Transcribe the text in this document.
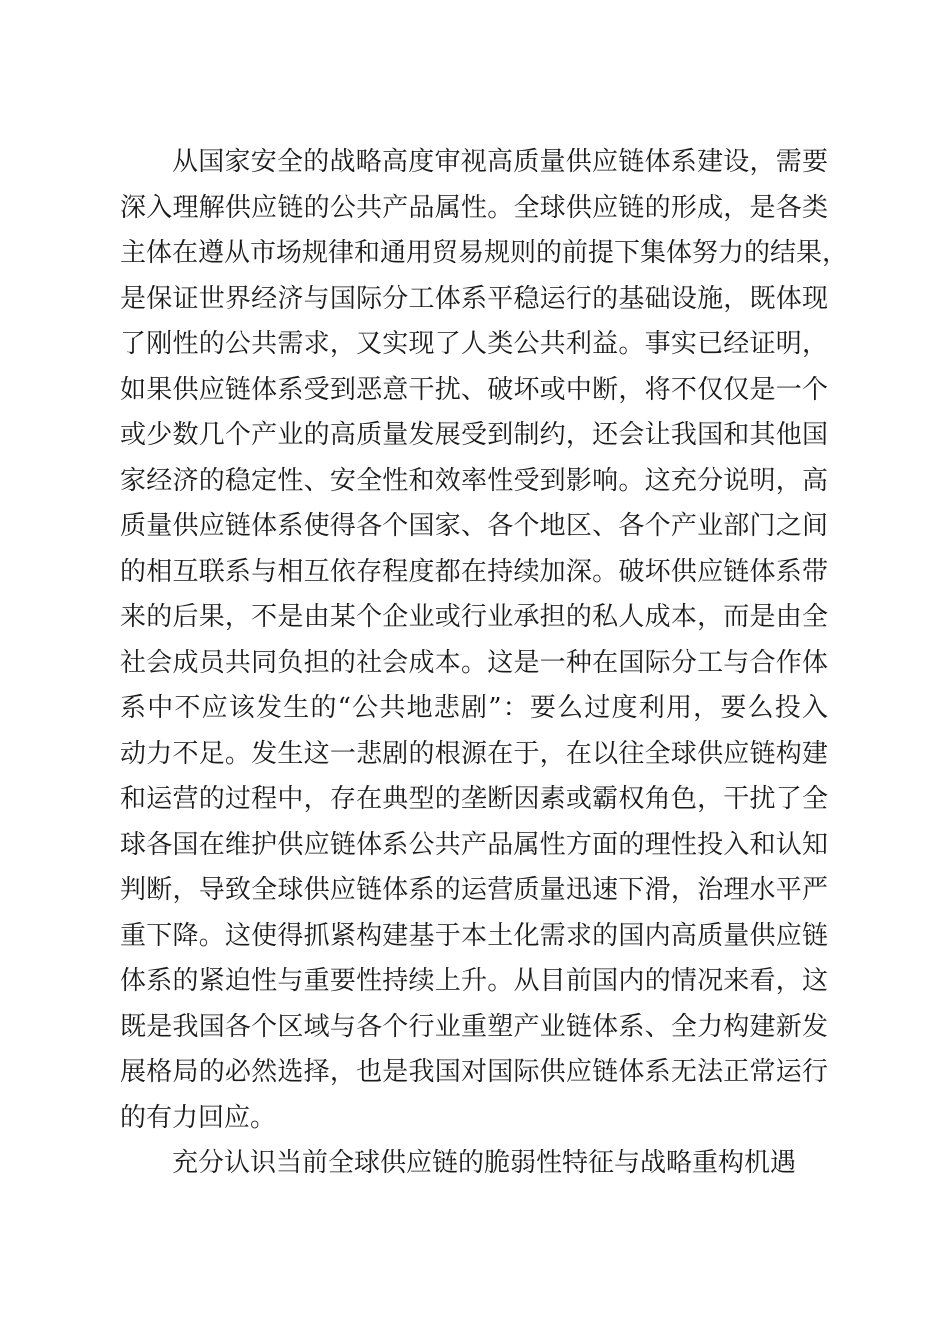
从国家安全的战略高度审视高质量供应链体系建设，需要
深入理解供应链的公共产品属性。全球供应链的形成，是各类
主体在遵从市场规律和通用贸易规则的前提下集体努力的结果，
是保证世界经济与国际分工体系平稳运行的基础设施，既体现
了刚性的公共需求，又实现了人类公共利益。事实已经证明，
如果供应链体系受到恶意干扰、破坏或中断，将不仅仅是一个
或少数几个产业的高质量发展受到制约，还会让我国和其他国
家经济的稳定性、安全性和效率性受到影响。这充分说明，高
质量供应链体系使得各个国家、各个地区、各个产业部门之间
的相互联系与相互依存程度都在持续加深。破坏供应链体系带
来的后果，不是由某个企业或行业承担的私人成本，而是由全
社会成员共同负担的社会成本。这是一种在国际分工与合作体
系中不应该发生的“公共地悲剧”：要么过度利用，要么投入
动力不足。发生这一悲剧的根源在于，在以往全球供应链构建
和运营的过程中，存在典型的垄断因素或霸权角色，干扰了全
球各国在维护供应链体系公共产品属性方面的理性投入和认知
判断，导致全球供应链体系的运营质量迅速下滑，治理水平严
重下降。这使得抓紧构建基于本土化需求的国内高质量供应链
体系的紧迫性与重要性持续上升。从目前国内的情况来看，这
既是我国各个区域与各个行业重塑产业链体系、全力构建新发
展格局的必然选择，也是我国对国际供应链体系无法正常运行
的有力回应。
充分认识当前全球供应链的脆弱性特征与战略重构机遇
